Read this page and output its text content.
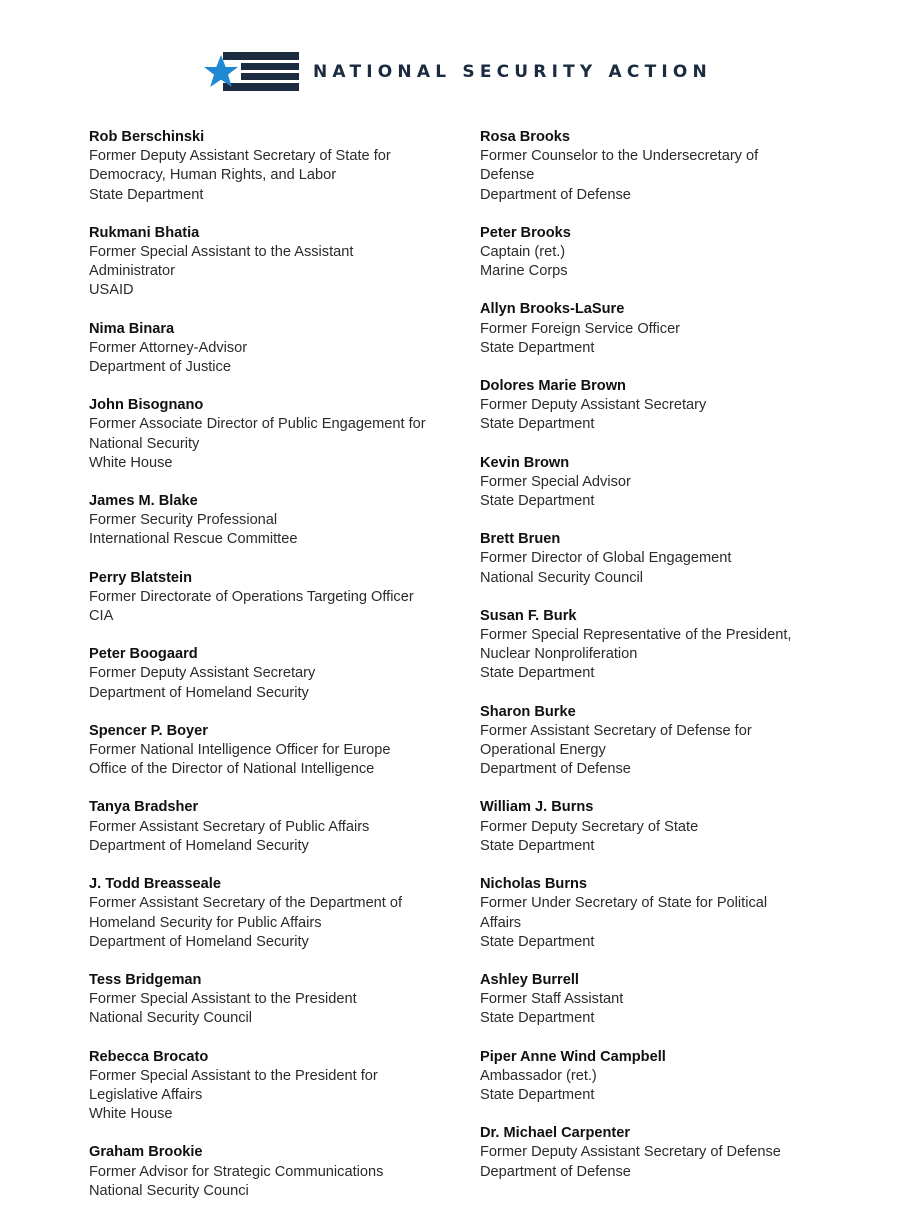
NATIONAL SECURITY ACTION
Rob Berschinski
Former Deputy Assistant Secretary of State for
Democracy, Human Rights, and Labor
State Department
Rukmani Bhatia
Former Special Assistant to the Assistant
Administrator
USAID
Nima Binara
Former Attorney-Advisor
Department of Justice
John Bisognano
Former Associate Director of Public Engagement for
National Security
White House
James M. Blake
Former Security Professional
International Rescue Committee
Perry Blatstein
Former Directorate of Operations Targeting Officer
CIA
Peter Boogaard
Former Deputy Assistant Secretary
Department of Homeland Security
Spencer P. Boyer
Former National Intelligence Officer for Europe
Office of the Director of National Intelligence
Tanya Bradsher
Former Assistant Secretary of Public Affairs
Department of Homeland Security
J. Todd Breasseale
Former Assistant Secretary of the Department of
Homeland Security for Public Affairs
Department of Homeland Security
Tess Bridgeman
Former Special Assistant to the President
National Security Council
Rebecca Brocato
Former Special Assistant to the President for
Legislative Affairs
White House
Graham Brookie
Former Advisor for Strategic Communications
National Security Counci
Rosa Brooks
Former Counselor to the Undersecretary of
Defense
Department of Defense
Peter Brooks
Captain (ret.)
Marine Corps
Allyn Brooks-LaSure
Former Foreign Service Officer
State Department
Dolores Marie Brown
Former Deputy Assistant Secretary
State Department
Kevin Brown
Former Special Advisor
State Department
Brett Bruen
Former Director of Global Engagement
National Security Council
Susan F. Burk
Former Special Representative of the President,
Nuclear Nonproliferation
State Department
Sharon Burke
Former Assistant Secretary of Defense for
Operational Energy
Department of Defense
William J. Burns
Former Deputy Secretary of State
State Department
Nicholas Burns
Former Under Secretary of State for Political
Affairs
State Department
Ashley Burrell
Former Staff Assistant
State Department
Piper Anne Wind Campbell
Ambassador (ret.)
State Department
Dr. Michael Carpenter
Former Deputy Assistant Secretary of Defense
Department of Defense
